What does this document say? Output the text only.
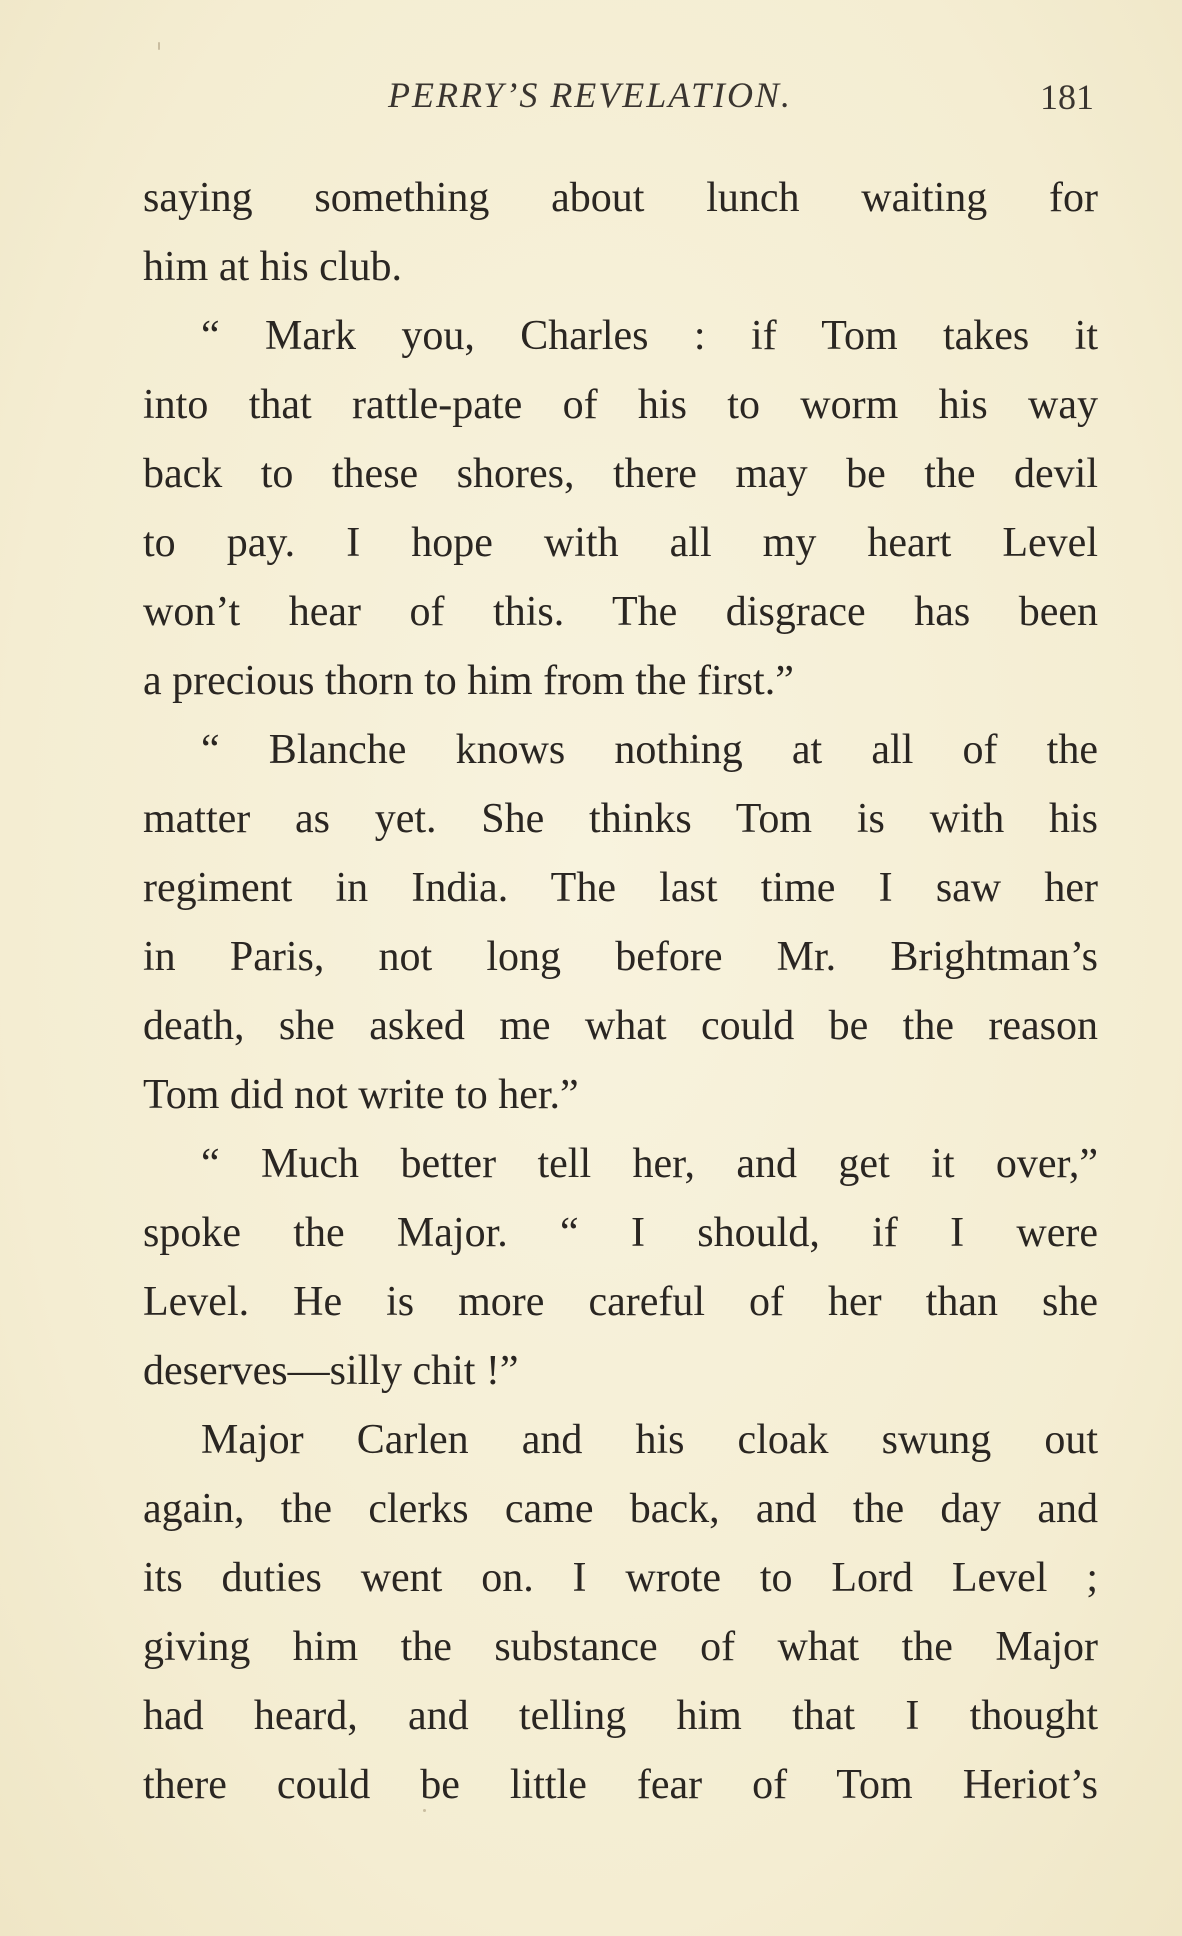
PERRY’S REVELATION.	181
saying something about lunch waiting for
him at his club.
“ Mark you, Charles : if Tom takes it
into that rattle-pate of his to worm his way
back to these shores, there may be the devil
to pay. I hope with all my heart Level
won’t hear of this. The disgrace has been
a precious thorn to him from the first.”
“ Blanche knows nothing at all of the
matter as yet. She thinks Tom is with his
regiment in India. The last time I saw her
in Paris, not long before Mr. Brightman’s
death, she asked me what could be the reason
Tom did not write to her.”
“ Much better tell her, and get it over,”
spoke the Major. “ I should, if I were
Level. He is more careful of her than she
deserves—silly chit !”
Major Carlen and his cloak swung out
again, the clerks came back, and the day and
its duties went on. I wrote to Lord Level ;
giving him the substance of what the Major
had heard, and telling him that I thought
there could be little fear of Tom Heriot’s
